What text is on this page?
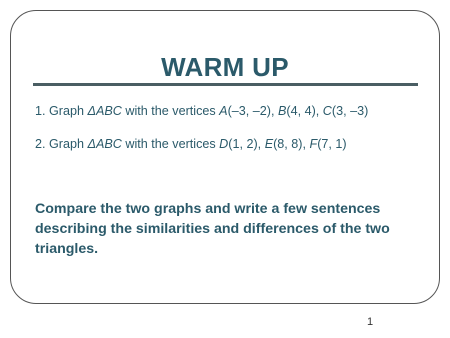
WARM UP
1. Graph ΔABC with the vertices A(–3, –2), B(4, 4), C(3, –3)
2. Graph ΔABC with the vertices D(1, 2), E(8, 8), F(7, 1)
Compare the two graphs and write a few sentences describing the similarities and differences of the two triangles.
1
